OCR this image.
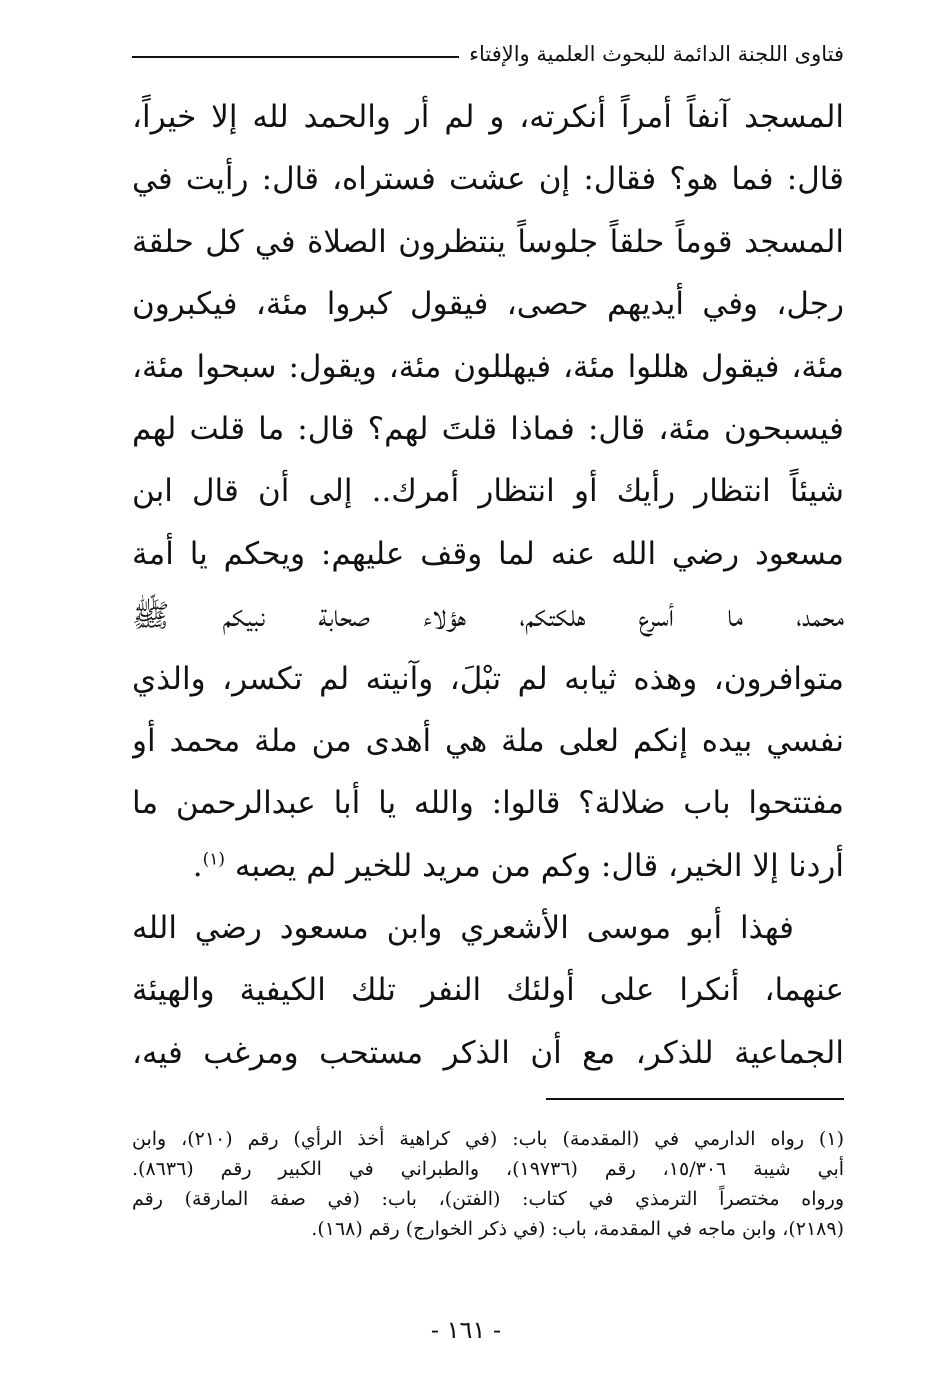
فتاوى اللجنة الدائمة للبحوث العلمية والإفتاء
المسجد آنفاً أمراً أنكرته، و لم أر والحمد لله إلا خيراً،
قال: فما هو؟ فقال: إن عشت فستراه، قال: رأيت في
المسجد قوماً حلقاً جلوساً ينتظرون الصلاة في كل حلقة
رجل، وفي أيديهم حصى، فيقول كبروا مئة، فيكبرون
مئة، فيقول هللوا مئة، فيهللون مئة، ويقول: سبحوا مئة،
فيسبحون مئة، قال: فماذا قلتَ لهم؟ قال: ما قلت لهم
شيئاً انتظار رأيك أو انتظار أمرك.. إلى أن قال ابن
مسعود رضي الله عنه لما وقف عليهم: ويحكم يا أمة
محمد، ما أسرع هلكتكم، هؤلاء صحابة نبيكم ﷺ
متوافرون، وهذه ثيابه لم تبْلَ، وآنيته لم تكسر، والذي
نفسي بيده إنكم لعلى ملة هي أهدى من ملة محمد أو
مفتتحوا باب ضلالة؟ قالوا: والله يا أبا عبدالرحمن ما
أردنا إلا الخير، قال: وكم من مريد للخير لم يصبه $^{(١)}$.
فهذا أبو موسى الأشعري وابن مسعود رضي الله
عنهما، أنكرا على أولئك النفر تلك الكيفية والهيئة
الجماعية للذكر، مع أن الذكر مستحب ومرغب فيه،
(١) رواه الدارمي في (المقدمة) باب: (في كراهية أخذ الرأي) رقم (٢١٠)، وابن
أبي شيبة ١٥/٣٠٦، رقم (١٩٧٣٦)، والطبراني في الكبير رقم (٨٦٣٦).
ورواه مختصراً الترمذي في كتاب: (الفتن)، باب: (في صفة المارقة) رقم
(٢١٨٩)، وابن ماجه في المقدمة، باب: (في ذكر الخوارج) رقم (١٦٨).
- ١٦١ -
